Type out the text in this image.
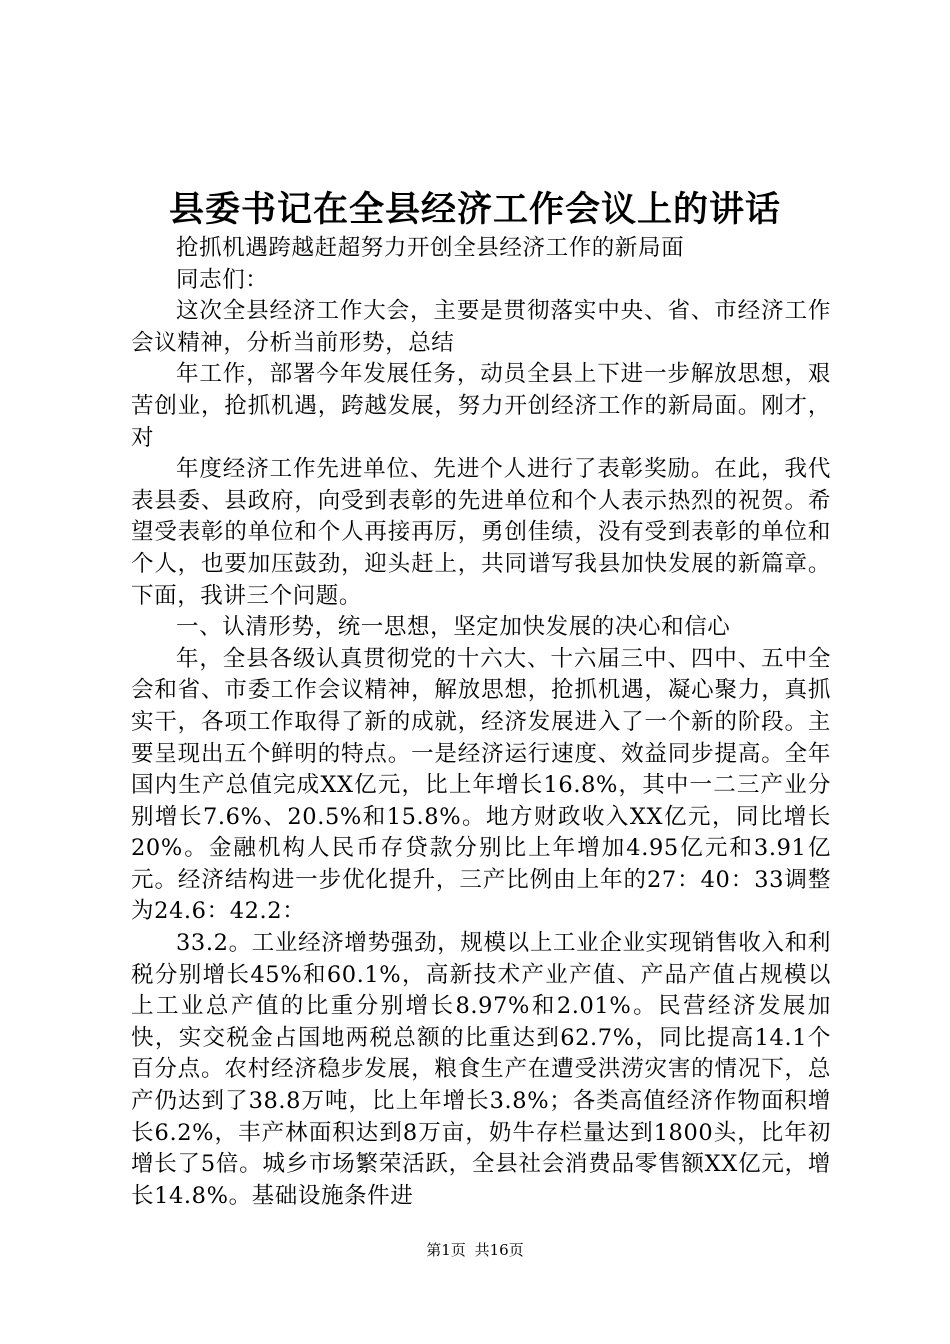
县委书记在全县经济工作会议上的讲话

抢抓机遇跨越赶超努力开创全县经济工作的新局面

同志们：

这次全县经济工作大会，主要是贯彻落实中央、省、市经济工作会议精神，分析当前形势，总结

年工作，部署今年发展任务，动员全县上下进一步解放思想，艰苦创业，抢抓机遇，跨越发展，努力开创经济工作的新局面。刚才，对

年度经济工作先进单位、先进个人进行了表彰奖励。在此，我代表县委、县政府，向受到表彰的先进单位和个人表示热烈的祝贺。希望受表彰的单位和个人再接再厉，勇创佳绩，没有受到表彰的单位和个人，也要加压鼓劲，迎头赶上，共同谱写我县加快发展的新篇章。下面，我讲三个问题。

一、认清形势，统一思想，坚定加快发展的决心和信心

年，全县各级认真贯彻党的十六大、十六届三中、四中、五中全会和省、市委工作会议精神，解放思想，抢抓机遇，凝心聚力，真抓实干，各项工作取得了新的成就，经济发展进入了一个新的阶段。主要呈现出五个鲜明的特点。一是经济运行速度、效益同步提高。全年国内生产总值完成XX亿元，比上年增长16.8%，其中一二三产业分别增长7.6%、20.5%和15.8%。地方财政收入XX亿元，同比增长20%。金融机构人民币存贷款分别比上年增加4.95亿元和3.91亿元。经济结构进一步优化提升，三产比例由上年的27：40：33调整为24.6：42.2：

33.2。工业经济增势强劲，规模以上工业企业实现销售收入和利税分别增长45%和60.1%，高新技术产业产值、产品产值占规模以上工业总产值的比重分别增长8.97%和2.01%。民营经济发展加快，实交税金占国地两税总额的比重达到62.7%，同比提高14.1个百分点。农村经济稳步发展，粮食生产在遭受洪涝灾害的情况下，总产仍达到了38.8万吨，比上年增长3.8%；各类高值经济作物面积增长6.2%，丰产林面积达到8万亩，奶牛存栏量达到1800头，比年初增长了5倍。城乡市场繁荣活跃，全县社会消费品零售额XX亿元，增长14.8%。基础设施条件进

第1页 共16页
